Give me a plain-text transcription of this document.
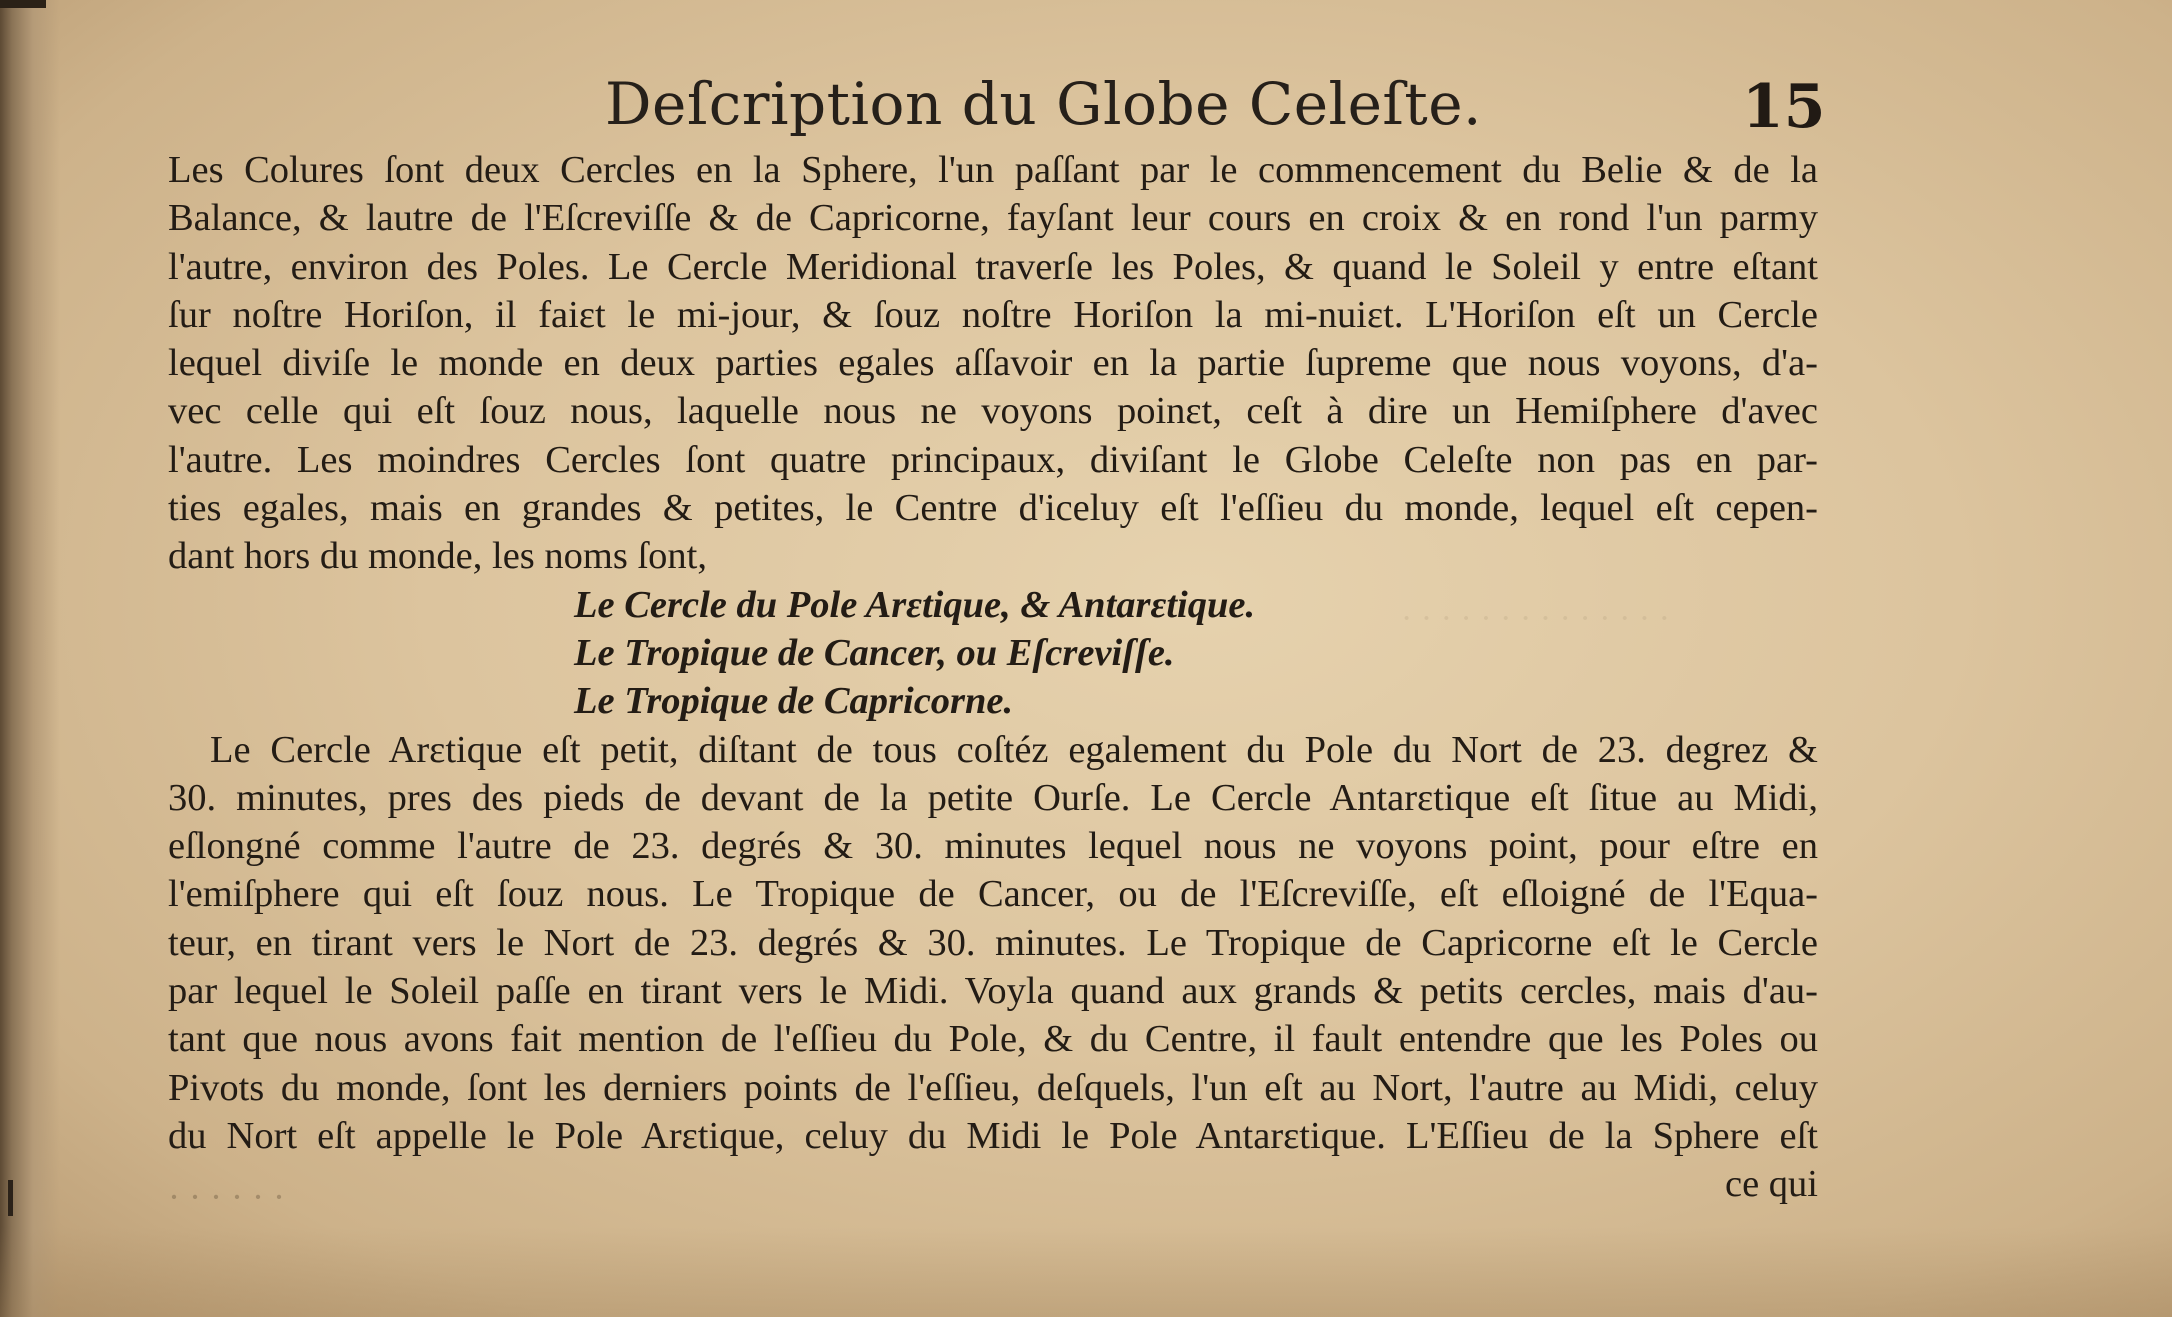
· · · · · · · · · · · · · ·
Deſcription du Globe Celeſte.	15
Les Colures ſont deux Cercles en la Sphere, l'un paſſant par le commencement du Belie & de la
Balance, & lautre de l'Eſcreviſſe & de Capricorne, fayſant leur cours en croix & en rond l'un parmy
l'autre, environ des Poles. Le Cercle Meridional traverſe les Poles, & quand le Soleil y entre eſtant
ſur noſtre Horiſon, il faiɛt le mi-jour, & ſouz noſtre Horiſon la mi-nuiɛt. L'Horiſon eſt un Cercle
lequel diviſe le monde en deux parties egales aſſavoir en la partie ſupreme que nous voyons, d'a-
vec celle qui eſt ſouz nous, laquelle nous ne voyons poinɛt, ceſt à dire un Hemiſphere d'avec
l'autre. Les moindres Cercles ſont quatre principaux, diviſant le Globe Celeſte non pas en par-
ties egales, mais en grandes & petites, le Centre d'iceluy eſt l'eſſieu du monde, lequel eſt cepen-
dant hors du monde, les noms ſont,
Le Cercle du Pole Arɛtique, & Antarɛtique.
Le Tropique de Cancer, ou Eſcreviſſe.
Le Tropique de Capricorne.
Le Cercle Arɛtique eſt petit, diſtant de tous coſtéz egalement du Pole du Nort de 23. degrez &
30. minutes, pres des pieds de devant de la petite Ourſe. Le Cercle Antarɛtique eſt ſitue au Midi,
eſlongné comme l'autre de 23. degrés & 30. minutes lequel nous ne voyons point, pour eſtre en
l'emiſphere qui eſt ſouz nous. Le Tropique de Cancer, ou de l'Eſcreviſſe, eſt eſloigné de l'Equa-
teur, en tirant vers le Nort de 23. degrés & 30. minutes. Le Tropique de Capricorne eſt le Cercle
par lequel le Soleil paſſe en tirant vers le Midi. Voyla quand aux grands & petits cercles, mais d'au-
tant que nous avons fait mention de l'eſſieu du Pole, & du Centre, il fault entendre que les Poles ou
Pivots du monde, ſont les derniers points de l'eſſieu, deſquels, l'un eſt au Nort, l'autre au Midi, celuy
du Nort eſt appelle le Pole Arɛtique, celuy du Midi le Pole Antarɛtique. L'Eſſieu de la Sphere eſt
ce qui
· · · · · ·
